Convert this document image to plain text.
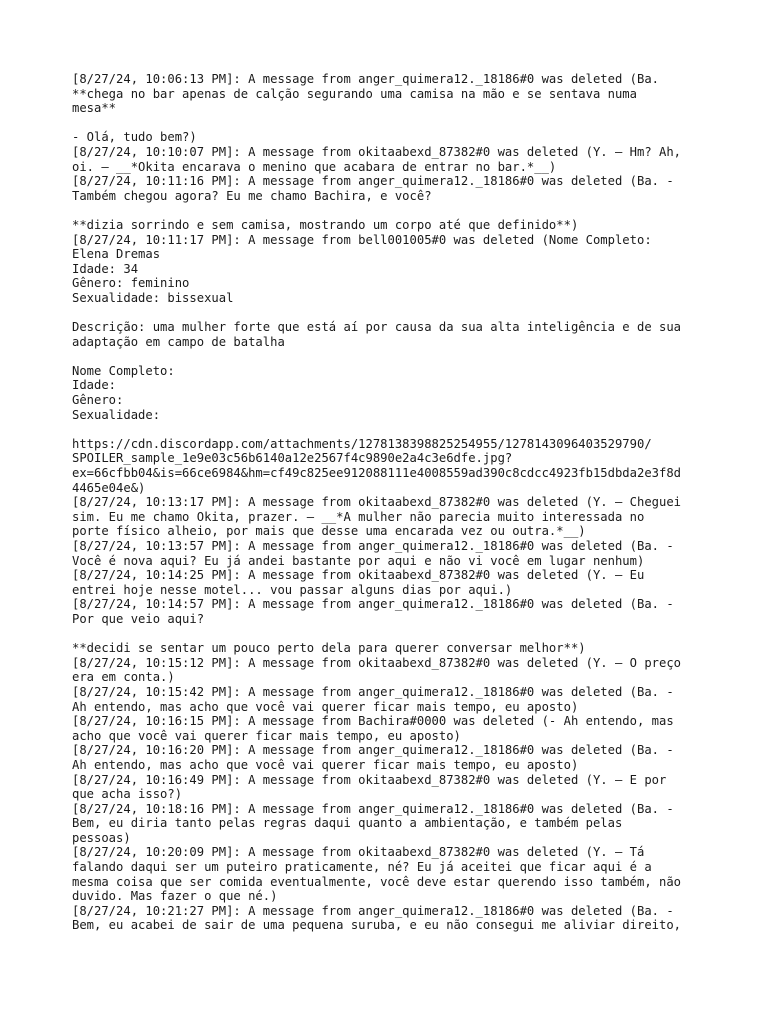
[8/27/24, 10:06:13 PM]: A message from anger_quimera12._18186#0 was deleted (Ba.
**chega no bar apenas de calção segurando uma camisa na mão e se sentava numa
mesa**
- Olá, tudo bem?)
[8/27/24, 10:10:07 PM]: A message from okitaabexd_87382#0 was deleted (Y. — Hm? Ah,
oi. – __*Okita encarava o menino que acabara de entrar no bar.*__)
[8/27/24, 10:11:16 PM]: A message from anger_quimera12._18186#0 was deleted (Ba. -
Também chegou agora? Eu me chamo Bachira, e você?
**dizia sorrindo e sem camisa, mostrando um corpo até que definido**)
[8/27/24, 10:11:17 PM]: A message from bell001005#0 was deleted (Nome Completo:
Elena Dremas
Idade: 34
Gênero: feminino
Sexualidade: bissexual
Descrição: uma mulher forte que está aí por causa da sua alta inteligência e de sua
adaptação em campo de batalha
Nome Completo:
Idade:
Gênero:
Sexualidade:
https://cdn.discordapp.com/attachments/1278138398825254955/1278143096403529790/
SPOILER_sample_1e9e03c56b6140a12e2567f4c9890e2a4c3e6dfe.jpg?
ex=66cfbb04&is=66ce6984&hm=cf49c825ee912088111e4008559ad390c8cdcc4923fb15dbda2e3f8d
4465e04e&)
[8/27/24, 10:13:17 PM]: A message from okitaabexd_87382#0 was deleted (Y. — Cheguei
sim. Eu me chamo Okita, prazer. – __*A mulher não parecia muito interessada no
porte físico alheio, por mais que desse uma encarada vez ou outra.*__)
[8/27/24, 10:13:57 PM]: A message from anger_quimera12._18186#0 was deleted (Ba. -
Você é nova aqui? Eu já andei bastante por aqui e não vi você em lugar nenhum)
[8/27/24, 10:14:25 PM]: A message from okitaabexd_87382#0 was deleted (Y. — Eu
entrei hoje nesse motel... vou passar alguns dias por aqui.)
[8/27/24, 10:14:57 PM]: A message from anger_quimera12._18186#0 was deleted (Ba. -
Por que veio aqui?
**decidi se sentar um pouco perto dela para querer conversar melhor**)
[8/27/24, 10:15:12 PM]: A message from okitaabexd_87382#0 was deleted (Y. — O preço
era em conta.)
[8/27/24, 10:15:42 PM]: A message from anger_quimera12._18186#0 was deleted (Ba. -
Ah entendo, mas acho que você vai querer ficar mais tempo, eu aposto)
[8/27/24, 10:16:15 PM]: A message from Bachira#0000 was deleted (- Ah entendo, mas
acho que você vai querer ficar mais tempo, eu aposto)
[8/27/24, 10:16:20 PM]: A message from anger_quimera12._18186#0 was deleted (Ba. -
Ah entendo, mas acho que você vai querer ficar mais tempo, eu aposto)
[8/27/24, 10:16:49 PM]: A message from okitaabexd_87382#0 was deleted (Y. — E por
que acha isso?)
[8/27/24, 10:18:16 PM]: A message from anger_quimera12._18186#0 was deleted (Ba. -
Bem, eu diria tanto pelas regras daqui quanto a ambientação, e também pelas
pessoas)
[8/27/24, 10:20:09 PM]: A message from okitaabexd_87382#0 was deleted (Y. — Tá
falando daqui ser um puteiro praticamente, né? Eu já aceitei que ficar aqui é a
mesma coisa que ser comida eventualmente, você deve estar querendo isso também, não
duvido. Mas fazer o que né.)
[8/27/24, 10:21:27 PM]: A message from anger_quimera12._18186#0 was deleted (Ba. -
Bem, eu acabei de sair de uma pequena suruba, e eu não consegui me aliviar direito,
